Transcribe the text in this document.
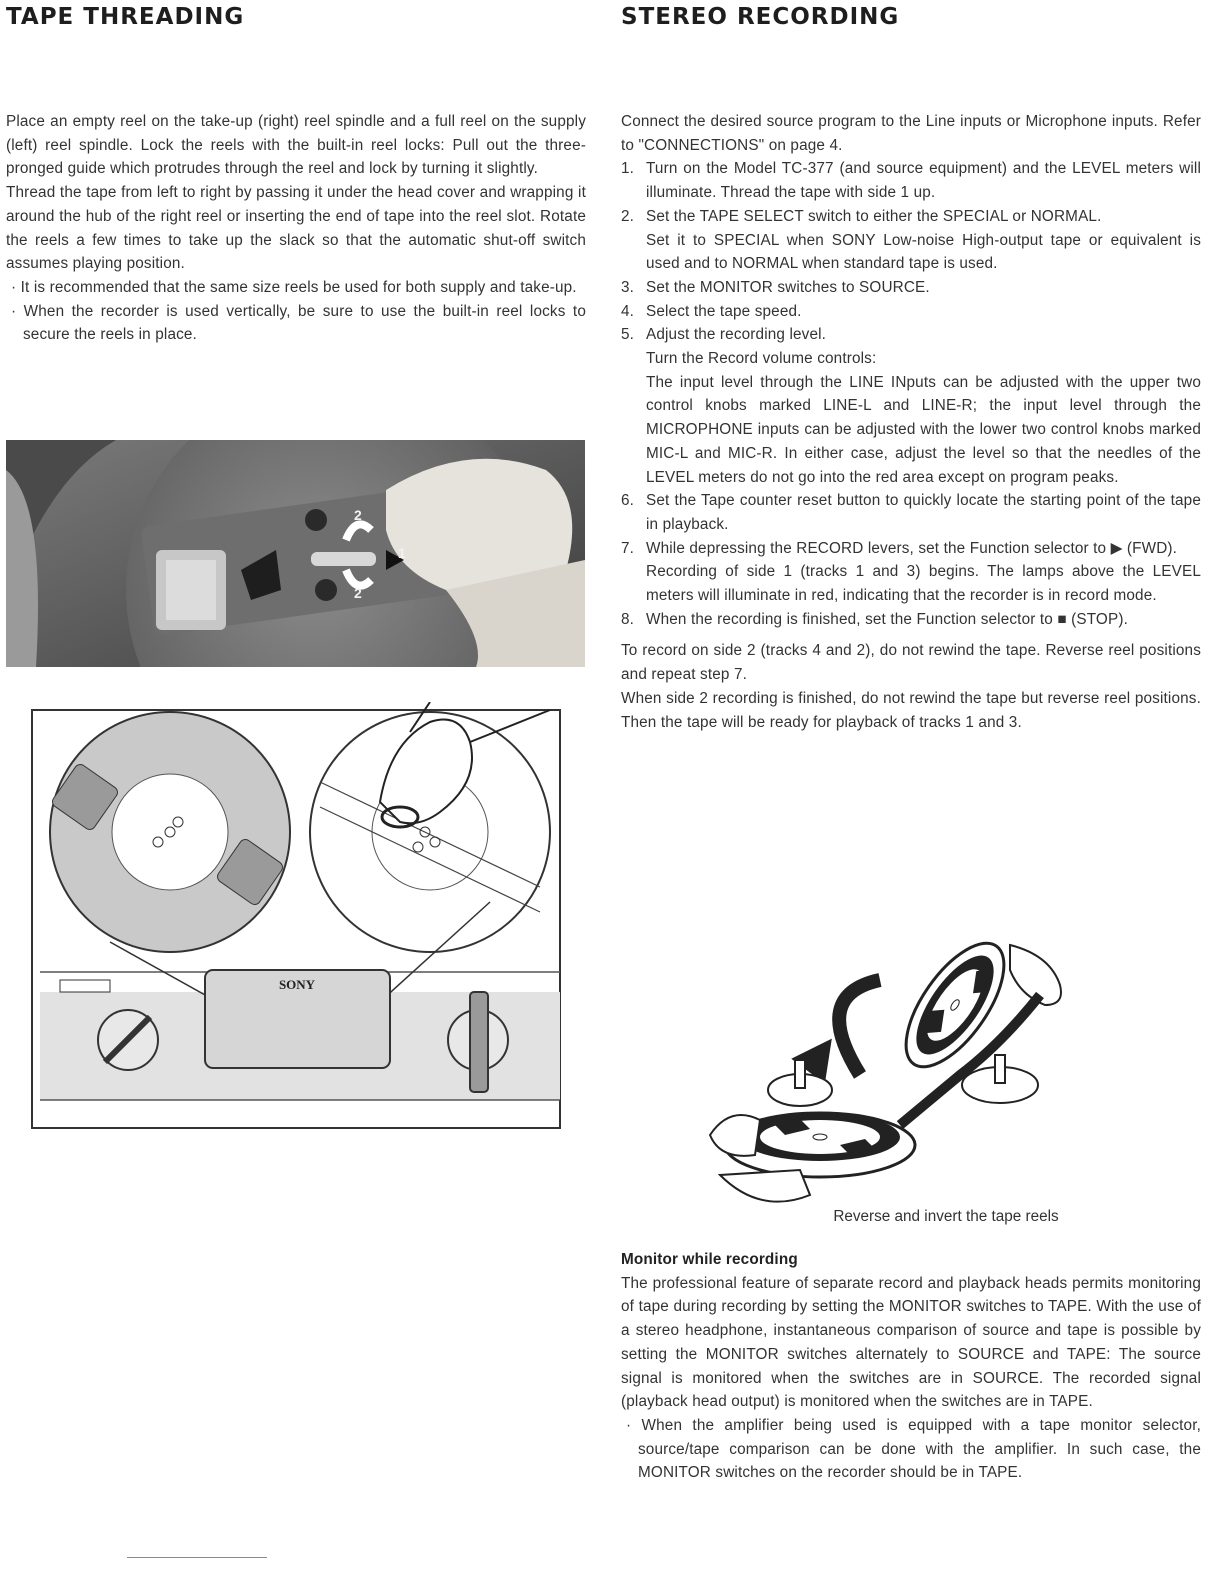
TAPE THREADING

Place an empty reel on the take-up (right) reel spindle and a full reel on the supply (left) reel spindle. Lock the reels with the built-in reel locks: Pull out the three-pronged guide which protrudes through the reel and lock by turning it slightly.

Thread the tape from left to right by passing it under the head cover and wrapping it around the hub of the right reel or inserting the end of tape into the reel slot. Rotate the reels a few times to take up the slack so that the automatic shut-off switch assumes playing position.

· It is recommended that the same size reels be used for both supply and take-up.

· When the recorder is used vertically, be sure to use the built-in reel locks to secure the reels in place.

2
1
2
SONY
STEREO RECORDING

Connect the desired source program to the Line inputs or Microphone inputs. Refer to "CONNECTIONS" on page 4.

1. Turn on the Model TC-377 (and source equipment) and the LEVEL meters will illuminate. Thread the tape with side 1 up.
2. Set the TAPE SELECT switch to either the SPECIAL or NORMAL.
Set it to SPECIAL when SONY Low-noise High-output tape or equivalent is used and to NORMAL when standard tape is used.
3. Set the MONITOR switches to SOURCE.
4. Select the tape speed.
5. Adjust the recording level.
Turn the Record volume controls:
The input level through the LINE INputs can be adjusted with the upper two control knobs marked LINE-L and LINE-R; the input level through the MICROPHONE inputs can be adjusted with the lower two control knobs marked MIC-L and MIC-R. In either case, adjust the level so that the needles of the LEVEL meters do not go into the red area except on program peaks.
6. Set the Tape counter reset button to quickly locate the starting point of the tape in playback.
7. While depressing the RECORD levers, set the Function selector to ▶ (FWD).
Recording of side 1 (tracks 1 and 3) begins. The lamps above the LEVEL meters will illuminate in red, indicating that the recorder is in record mode.
8. When the recording is finished, set the Function selector to ■ (STOP).

To record on side 2 (tracks 4 and 2), do not rewind the tape. Reverse reel positions and repeat step 7.

When side 2 recording is finished, do not rewind the tape but reverse reel positions. Then the tape will be ready for playback of tracks 1 and 3.

Reverse and invert the tape reels
Monitor while recording

The professional feature of separate record and playback heads permits monitoring of tape during recording by setting the MONITOR switches to TAPE. With the use of a stereo headphone, instantaneous comparison of source and tape is possible by setting the MONITOR switches alternately to SOURCE and TAPE: The source signal is monitored when the switches are in SOURCE. The recorded signal (playback head output) is monitored when the switches are in TAPE.

· When the amplifier being used is equipped with a tape monitor selector, source/tape comparison can be done with the amplifier. In such case, the MONITOR switches on the recorder should be in TAPE.
